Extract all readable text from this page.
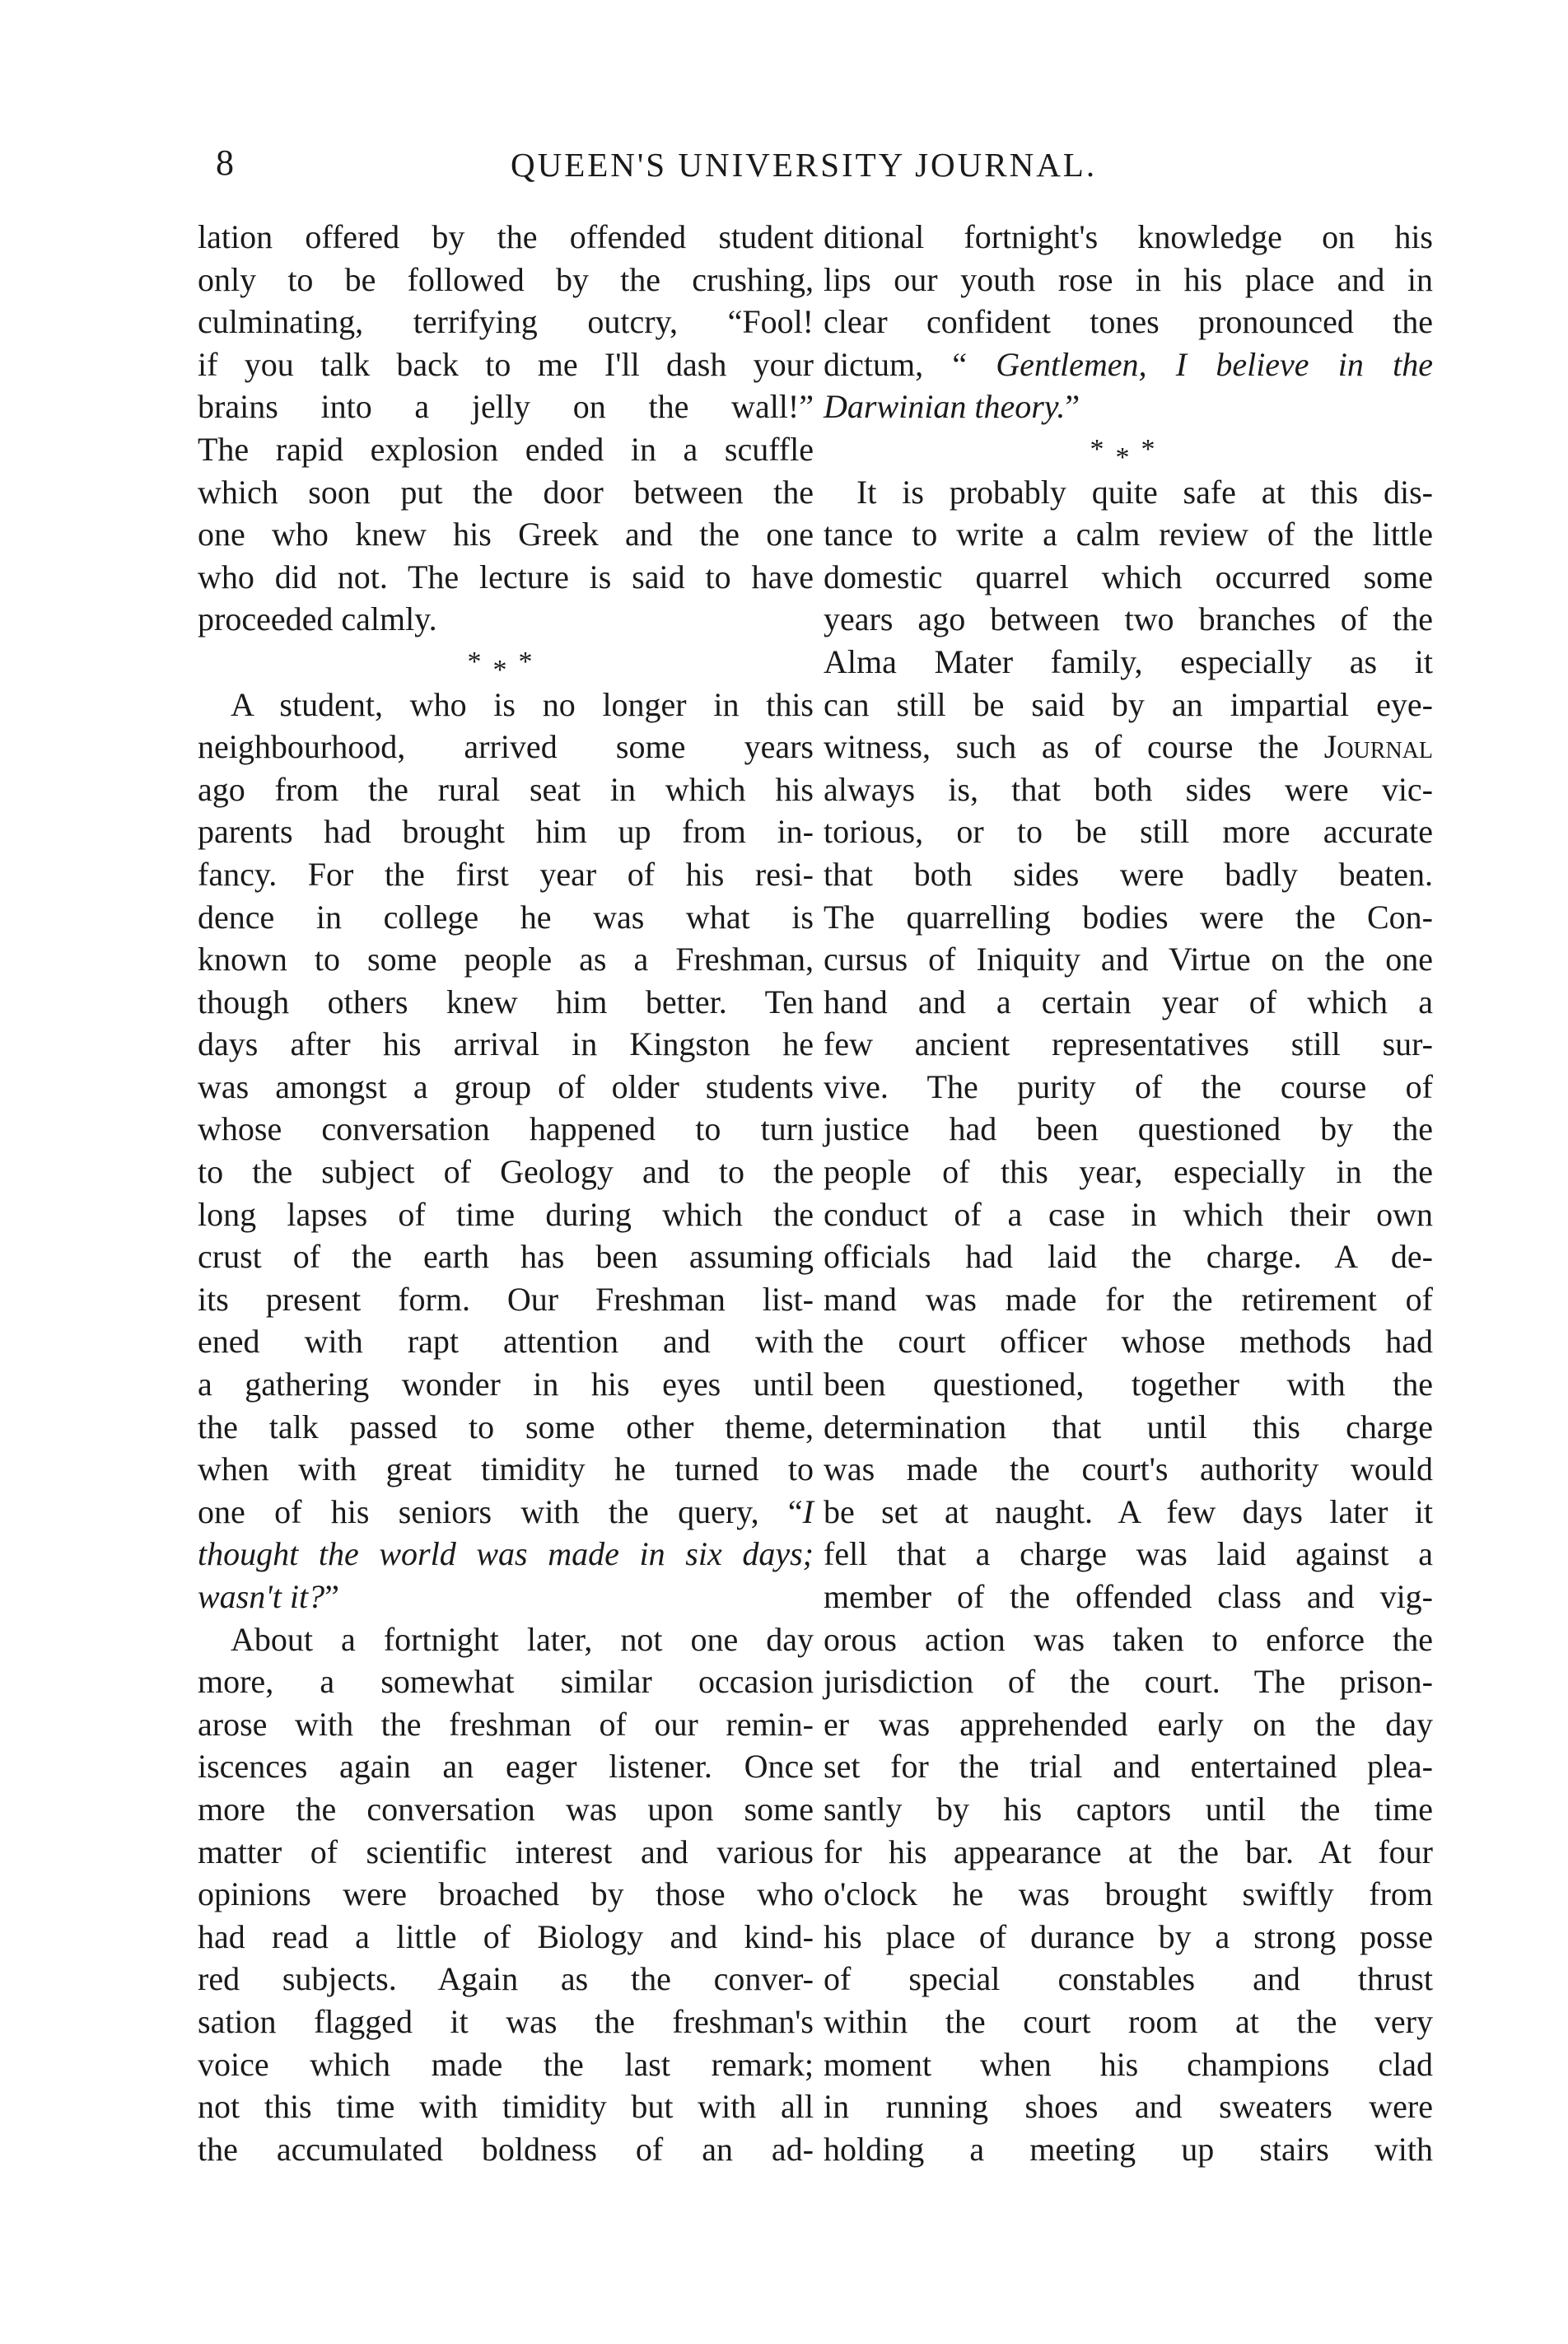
8	QUEEN'S UNIVERSITY JOURNAL.
lation offered by the offended student
only to be followed by the crushing,
culminating, terrifying outcry, “Fool!
if you talk back to me I'll dash your
brains into a jelly on the wall!”
The rapid explosion ended in a scuffle
which soon put the door between the
one who knew his Greek and the one
who did not. The lecture is said to have
proceeded calmly.
***
A student, who is no longer in this
neighbourhood, arrived some years
ago from the rural seat in which his
parents had brought him up from in-
fancy. For the first year of his resi-
dence in college he was what is
known to some people as a Freshman,
though others knew him better. Ten
days after his arrival in Kingston he
was amongst a group of older students
whose conversation happened to turn
to the subject of Geology and to the
long lapses of time during which the
crust of the earth has been assuming
its present form. Our Freshman list-
ened with rapt attention and with
a gathering wonder in his eyes until
the talk passed to some other theme,
when with great timidity he turned to
one of his seniors with the query, “I
thought the world was made in six days;
wasn't it?”
About a fortnight later, not one day
more, a somewhat similar occasion
arose with the freshman of our remin-
iscences again an eager listener. Once
more the conversation was upon some
matter of scientific interest and various
opinions were broached by those who
had read a little of Biology and kind-
red subjects. Again as the conver-
sation flagged it was the freshman's
voice which made the last remark;
not this time with timidity but with all
the accumulated boldness of an ad-
ditional fortnight's knowledge on his
lips our youth rose in his place and in
clear confident tones pronounced the
dictum, “ Gentlemen, I believe in the
Darwinian theory.”
***
It is probably quite safe at this dis-
tance to write a calm review of the little
domestic quarrel which occurred some
years ago between two branches of the
Alma Mater family, especially as it
can still be said by an impartial eye-
witness, such as of course the Journal
always is, that both sides were vic-
torious, or to be still more accurate
that both sides were badly beaten.
The quarrelling bodies were the Con-
cursus of Iniquity and Virtue on the one
hand and a certain year of which a
few ancient representatives still sur-
vive. The purity of the course of
justice had been questioned by the
people of this year, especially in the
conduct of a case in which their own
officials had laid the charge. A de-
mand was made for the retirement of
the court officer whose methods had
been questioned, together with the
determination that until this charge
was made the court's authority would
be set at naught. A few days later it
fell that a charge was laid against a
member of the offended class and vig-
orous action was taken to enforce the
jurisdiction of the court. The prison-
er was apprehended early on the day
set for the trial and entertained plea-
santly by his captors until the time
for his appearance at the bar. At four
o'clock he was brought swiftly from
his place of durance by a strong posse
of special constables and thrust
within the court room at the very
moment when his champions clad
in running shoes and sweaters were
holding a meeting up stairs with
